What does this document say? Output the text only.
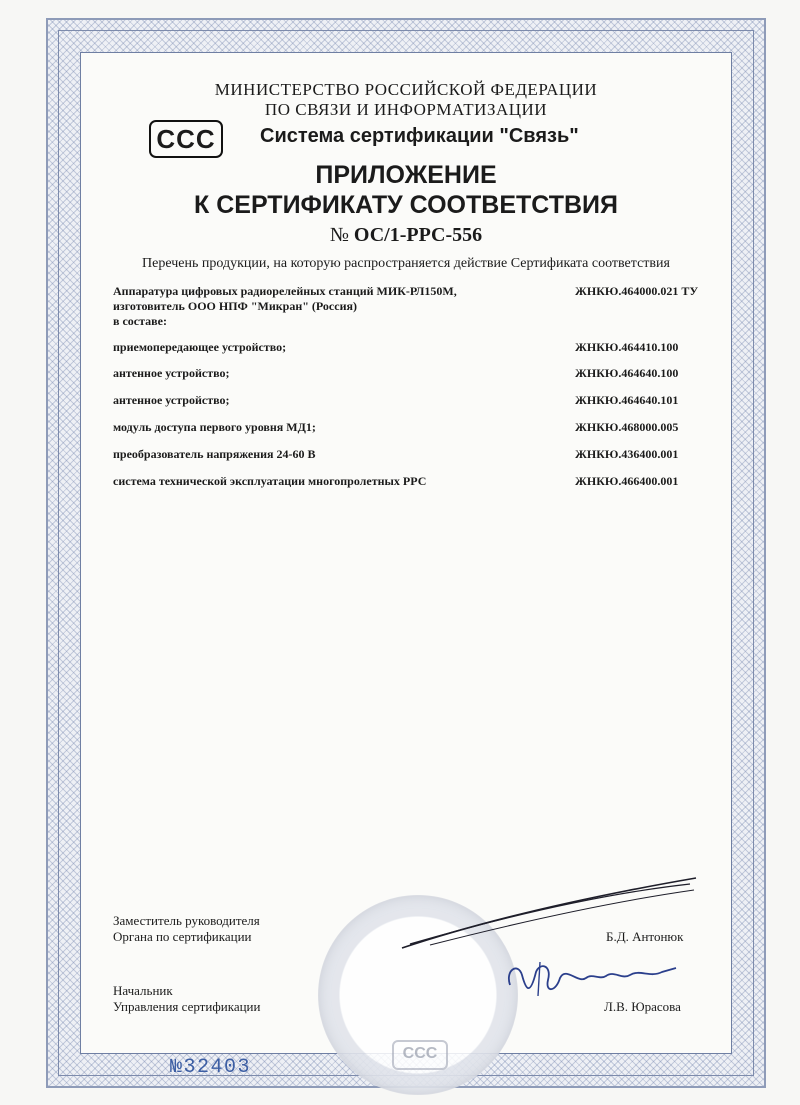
МИНИСТЕРСТВО РОССИЙСКОЙ ФЕДЕРАЦИИ
ПО СВЯЗИ И ИНФОРМАТИЗАЦИИ
CCC	Система сертификации "Связь"
ПРИЛОЖЕНИЕ
К СЕРТИФИКАТУ СООТВЕТСТВИЯ
№ ОС/1-РРС-556
Перечень продукции, на которую распространяется действие Сертификата соответствия
Аппаратура цифровых радиорелейных станций МИК-РЛ150М,	ЖНКЮ.464000.021 ТУ
изготовитель ООО НПФ "Микран" (Россия)
в составе:
приемопередающее устройство;	ЖНКЮ.464410.100
антенное устройство;	ЖНКЮ.464640.100
антенное устройство;	ЖНКЮ.464640.101
модуль доступа первого уровня МД1;	ЖНКЮ.468000.005
преобразователь напряжения 24-60 В	ЖНКЮ.436400.001
система технической эксплуатации многопролетных РРС	ЖНКЮ.466400.001
CCC
Заместитель руководителя
Органа по сертификации	Б.Д. Антонюк
Начальник
Управления сертификации	Л.В. Юрасова
№32403
